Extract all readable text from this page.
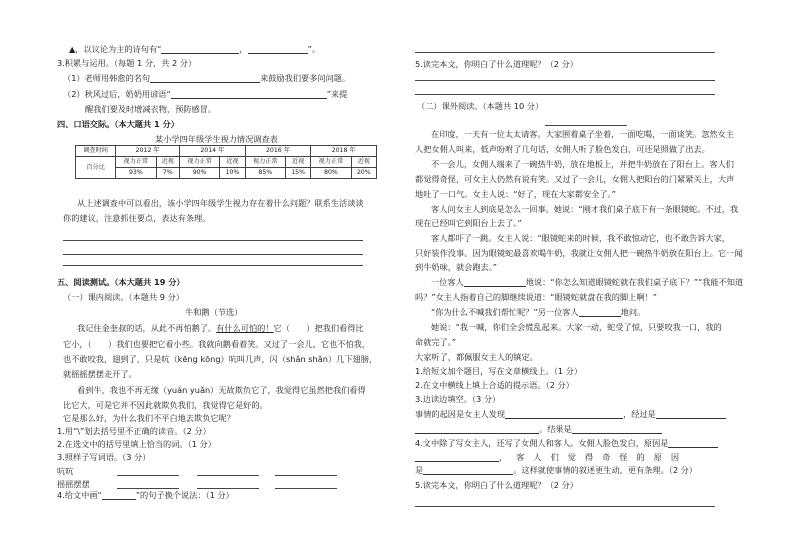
▲，以议论为主的诗句有“	，	”。
3.积累与运用。（每题 1 分，共 2 分）
（1）老师用韩愈的名句	来鼓励我们要多问问题。
（2）秋风过后，奶奶用谚语“	”来提
醒我们要及时增减衣物，预防感冒。
四、口语交际。（本大题共 1 分）
某小学四年级学生视力情况调查表
调查时间	2012 年		2014 年		2016 年		2018 年	
百分比	视力正常	近视	视力正常	近视	视力正常	近视	视力正常	近视
	93%	7%	90%	10%	85%	15%	80%	20%
从上述调查中可以看出，该小学四年级学生视力存在着什么问题？联系生活谈谈
你的建议，注意抓住要点，表达有条理。
五、阅读测试。（本大题共 19 分）
（一）课内阅读。（本题共 9 分）
牛和鹅（节选）
我记住金奎叔的话，从此不再怕鹅了。有什么可怕的！它（　　）把我们看得比
它小，（　　）我们也要把它看小些。我就向鹅看着笑。又过了一会儿，它也不怕我，
也不敢咬我，翅到了，只是吭（kēng kōng）吭叫几声，闪（shǎn shǎn）几下翅膀，
就摇摇摆摆走开了。
看到牛，我也不再无缘（yuán yuǎn）无故欺负它了，我觉得它虽然把我们看得
比它大，可是它并不因此就欺负我们，我觉得它是好的。
它是那么好，为什么我们不平白地去欺负它呢？
1.用“\”划去括号里不正确的读音。（2 分）
2.在选文中的括号里填上恰当的词。（1 分）
3.照样子写词语。（3 分）
吭吭
摇摇摆摆
4.给文中画“	”的句子换个说法：（1 分）
5.读完本文，你明白了什么道理呢？（2 分）
（二）课外阅读。（本题共 10 分）
在印度，一天有一位太太请客。大家围着桌子坐着，一面吃喝，一面谈笑。忽然女主
人把女佣人叫来，低声吩咐了几句话，女佣人听了脸色发白，可还是照做了出去。
不一会儿，女佣人端来了一碗热牛奶，放在地板上，并把牛奶放在了阳台上。客人们
都觉得奇怪，可女主人仍然有说有笑。又过了一会儿，女佣人把阳台的门紧紧关上，大声
地吐了一口气。女主人说：“好了，现在大家都安全了。”
客人问女主人到底是怎么一回事。她说：“刚才我们桌子底下有一条眼镜蛇。不过，我
现在已经叫它到阳台上去了。”
客人都吓了一跳。女主人说：“眼镜蛇来的时候，我不敢惊动它，也不敢告诉大家，
只好装作没事。因为眼镜蛇最喜欢喝牛奶，我就让女佣人把一碗热牛奶放在阳台上。它一闻
到牛奶味，就会跑去。”
一位客人	地说：“你怎么知道眼镜蛇就在我们桌子底下？”“我能不知道
吗？”女主人指着自己的脚继续说道：“眼镜蛇就盘在我的脚上啊！”
“你为什么不喊我们帮忙呢？”另一位客人	地问。
她说：“我一喊，你们全会慌乱起来。大家一动，蛇受了惊，只要咬我一口，我的
命就完了。”
大家听了，都佩服女主人的镇定。
1.给短文加个题目，写在文章横线上。（1 分）
2.在文中横线上填上合适的提示语。（2 分）
3.边读边填空。（3 分）
事情的起因是女主人发现	，经过是
。结果是
4.文中除了写女主人，还写了女佣人和客人。女佣人脸色发白，原因是
，客人们觉得奇怪的原因
是	。这样就使事情的叙述更生动，更有条理。（2 分）
5.读完本文，你明白了什么道理呢？（2 分）
